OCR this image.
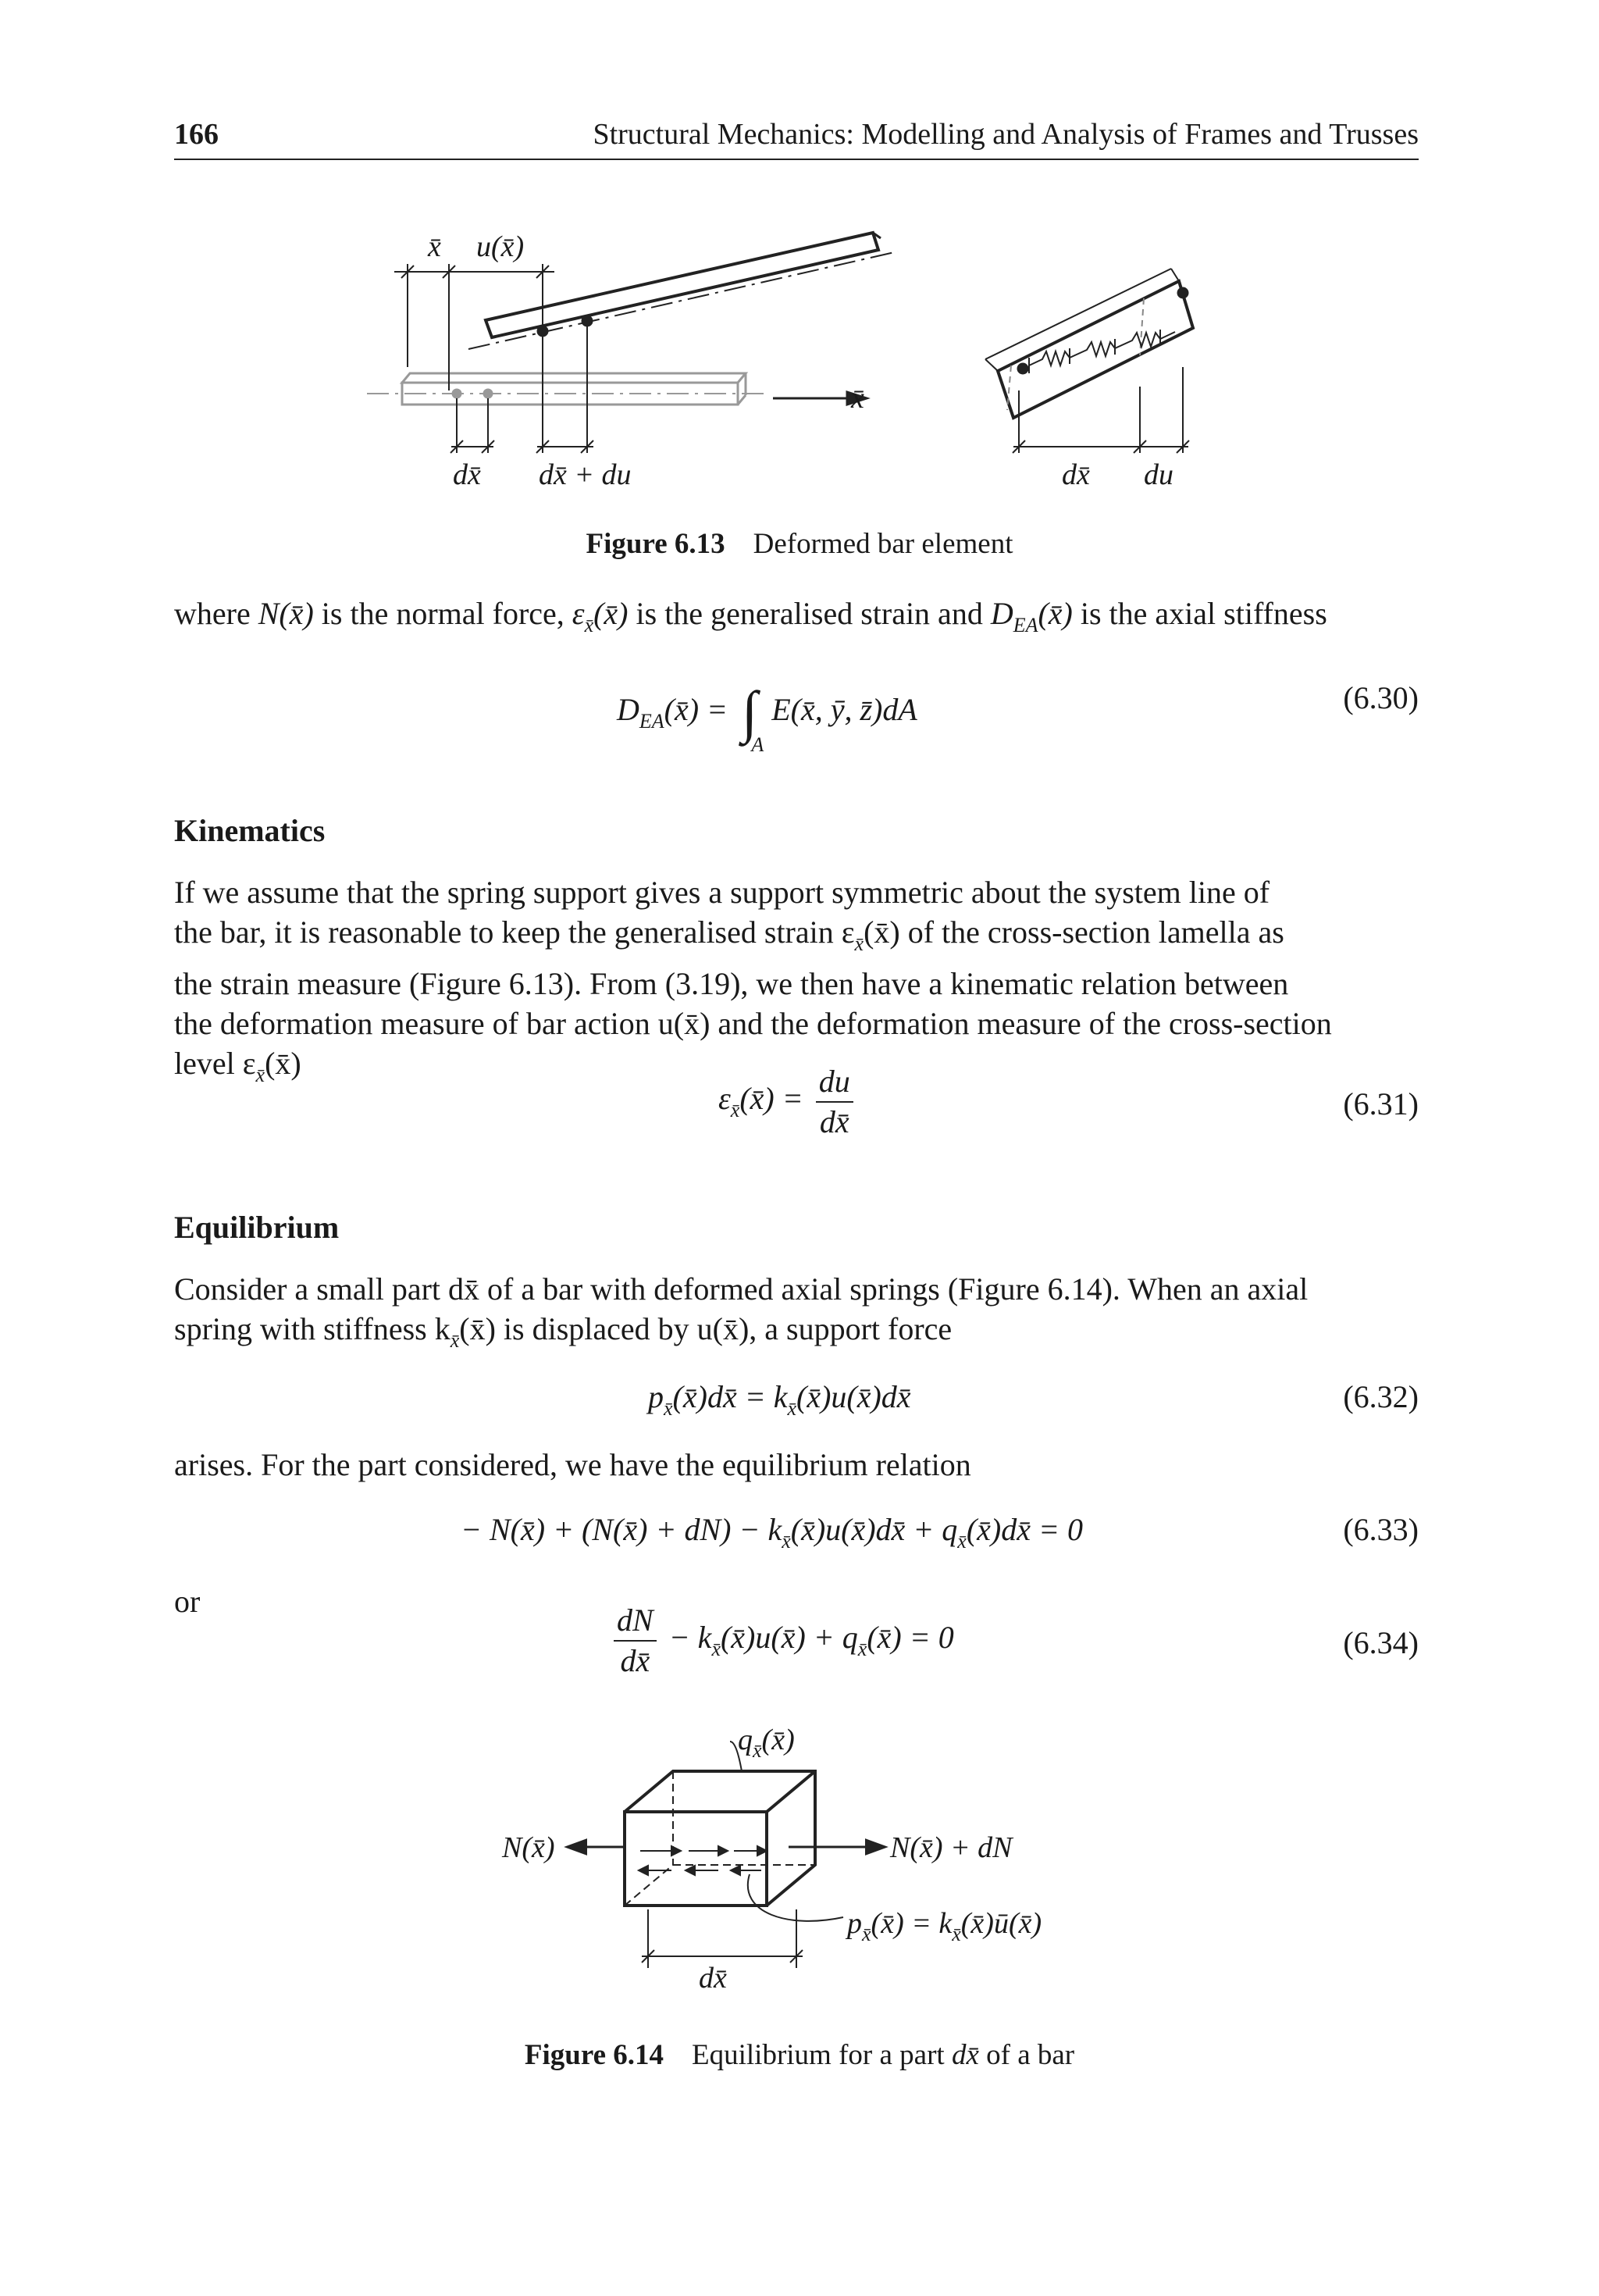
166	Structural Mechanics: Modelling and Analysis of Frames and Trusses
x̄ u(x̄)
x̄
dx̄ dx̄ + du	dx̄ du
Figure 6.13 Deformed bar element
where N(x̄) is the normal force, $\varepsilon_{x̄}(x̄)$ is the generalised strain and $D_{EA}(x̄)$ is the axial stiffness
$D_{EA}(x̄) = \int_A$ E(x̄, ȳ, z̄)dA	(6.30)
Kinematics
If we assume that the spring support gives a support symmetric about the system line of
the bar, it is reasonable to keep the generalised strain $\varepsilon_{x̄}(x̄)$ of the cross-section lamella as
the strain measure (Figure 6.13). From (3.19), we then have a kinematic relation between
the deformation measure of bar action u(x̄) and the deformation measure of the cross-section
level $\varepsilon_{x̄}(x̄)$
$\varepsilon_{x̄}(x̄) = \frac{du}{dx̄}$	(6.31)
Equilibrium
Consider a small part dx̄ of a bar with deformed axial springs (Figure 6.14). When an axial
spring with stiffness $k_{x̄}(x̄)$ is displaced by u(x̄), a support force
$p_{x̄}(x̄)dx̄$ = $k_{x̄}(x̄)u(x̄)dx̄$	(6.32)
arises. For the part considered, we have the equilibrium relation
− N(x̄) + (N(x̄) + $dN) - k_{x̄}(x̄)u(x̄)dx̄$ + $q_{x̄}(x̄)dx̄ = 0$	(6.33)
or	$\frac{dN}{dx̄}$ − $k_{x̄}(x̄)u(x̄)$ + $q_{x̄}(x̄) = 0$	(6.34)
$q_{x̄}(x̄)$
N(x̄)	N(x̄) + dN
$p_{x̄}(x̄)$ = $k_{x̄}(x̄)ū(x̄)$
dx̄
Figure 6.14 Equilibrium for a part dx̄ of a bar
